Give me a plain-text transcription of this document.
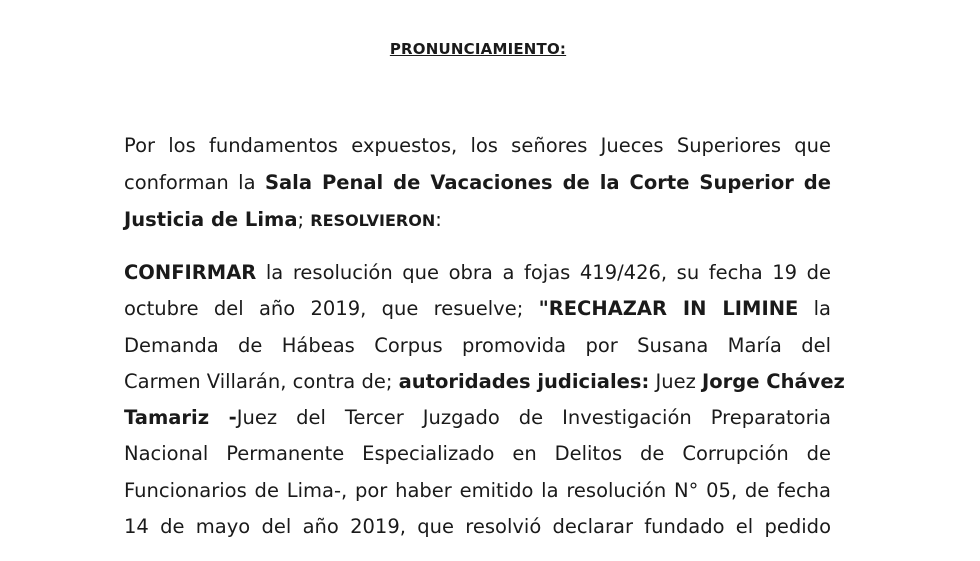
PRONUNCIAMIENTO:
Por los fundamentos expuestos, los señores Jueces Superiores que
conforman la Sala Penal de Vacaciones de la Corte Superior de
Justicia de Lima; RESOLVIERON:
CONFIRMAR la resolución que obra a fojas 419/426, su fecha 19 de
octubre del año 2019, que resuelve; "RECHAZAR IN LIMINE la
Demanda de Hábeas Corpus promovida por Susana María del
Carmen Villarán, contra de; autoridades judiciales: Juez Jorge Chávez
Tamariz -Juez del Tercer Juzgado de Investigación Preparatoria
Nacional Permanente Especializado en Delitos de Corrupción de
Funcionarios de Lima-, por haber emitido la resolución N° 05, de fecha
14 de mayo del año 2019, que resolvió declarar fundado el pedido
